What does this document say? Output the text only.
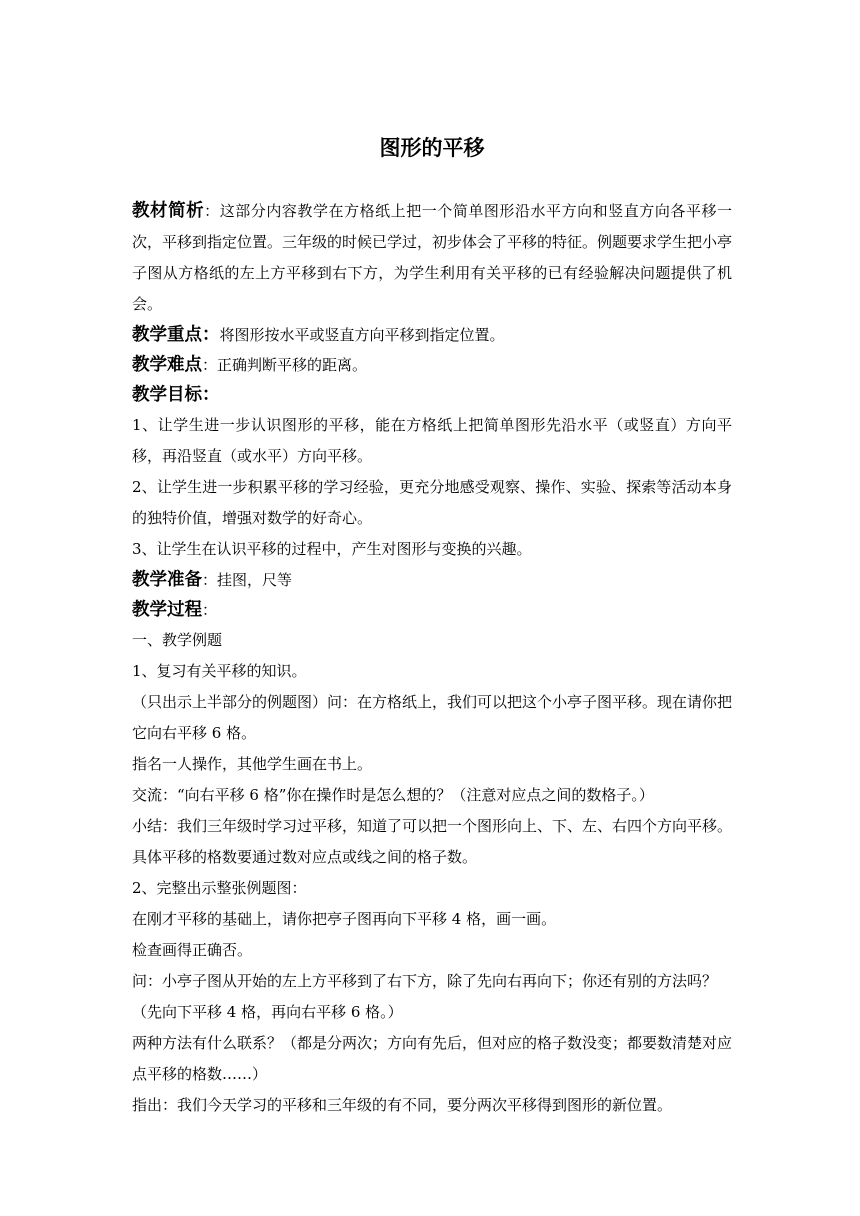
图形的平移

教材简析：这部分内容教学在方格纸上把一个简单图形沿水平方向和竖直方向各平移一次，平移到指定位置。三年级的时候已学过，初步体会了平移的特征。例题要求学生把小亭子图从方格纸的左上方平移到右下方，为学生利用有关平移的已有经验解决问题提供了机会。

教学重点：将图形按水平或竖直方向平移到指定位置。

教学难点：正确判断平移的距离。

教学目标：

1、让学生进一步认识图形的平移，能在方格纸上把简单图形先沿水平（或竖直）方向平移，再沿竖直（或水平）方向平移。

2、让学生进一步积累平移的学习经验，更充分地感受观察、操作、实验、探索等活动本身的独特价值，增强对数学的好奇心。

3、让学生在认识平移的过程中，产生对图形与变换的兴趣。

教学准备：挂图，尺等

教学过程：

一、教学例题

1、复习有关平移的知识。

（只出示上半部分的例题图）问：在方格纸上，我们可以把这个小亭子图平移。现在请你把它向右平移 6 格。

指名一人操作，其他学生画在书上。

交流：“向右平移 6 格”你在操作时是怎么想的？（注意对应点之间的数格子。）

小结：我们三年级时学习过平移，知道了可以把一个图形向上、下、左、右四个方向平移。具体平移的格数要通过数对应点或线之间的格子数。

2、完整出示整张例题图：

在刚才平移的基础上，请你把亭子图再向下平移 4 格，画一画。

检查画得正确否。

问：小亭子图从开始的左上方平移到了右下方，除了先向右再向下；你还有别的方法吗？

（先向下平移 4 格，再向右平移 6 格。）

两种方法有什么联系？（都是分两次；方向有先后，但对应的格子数没变；都要数清楚对应点平移的格数……）

指出：我们今天学习的平移和三年级的有不同，要分两次平移得到图形的新位置。
